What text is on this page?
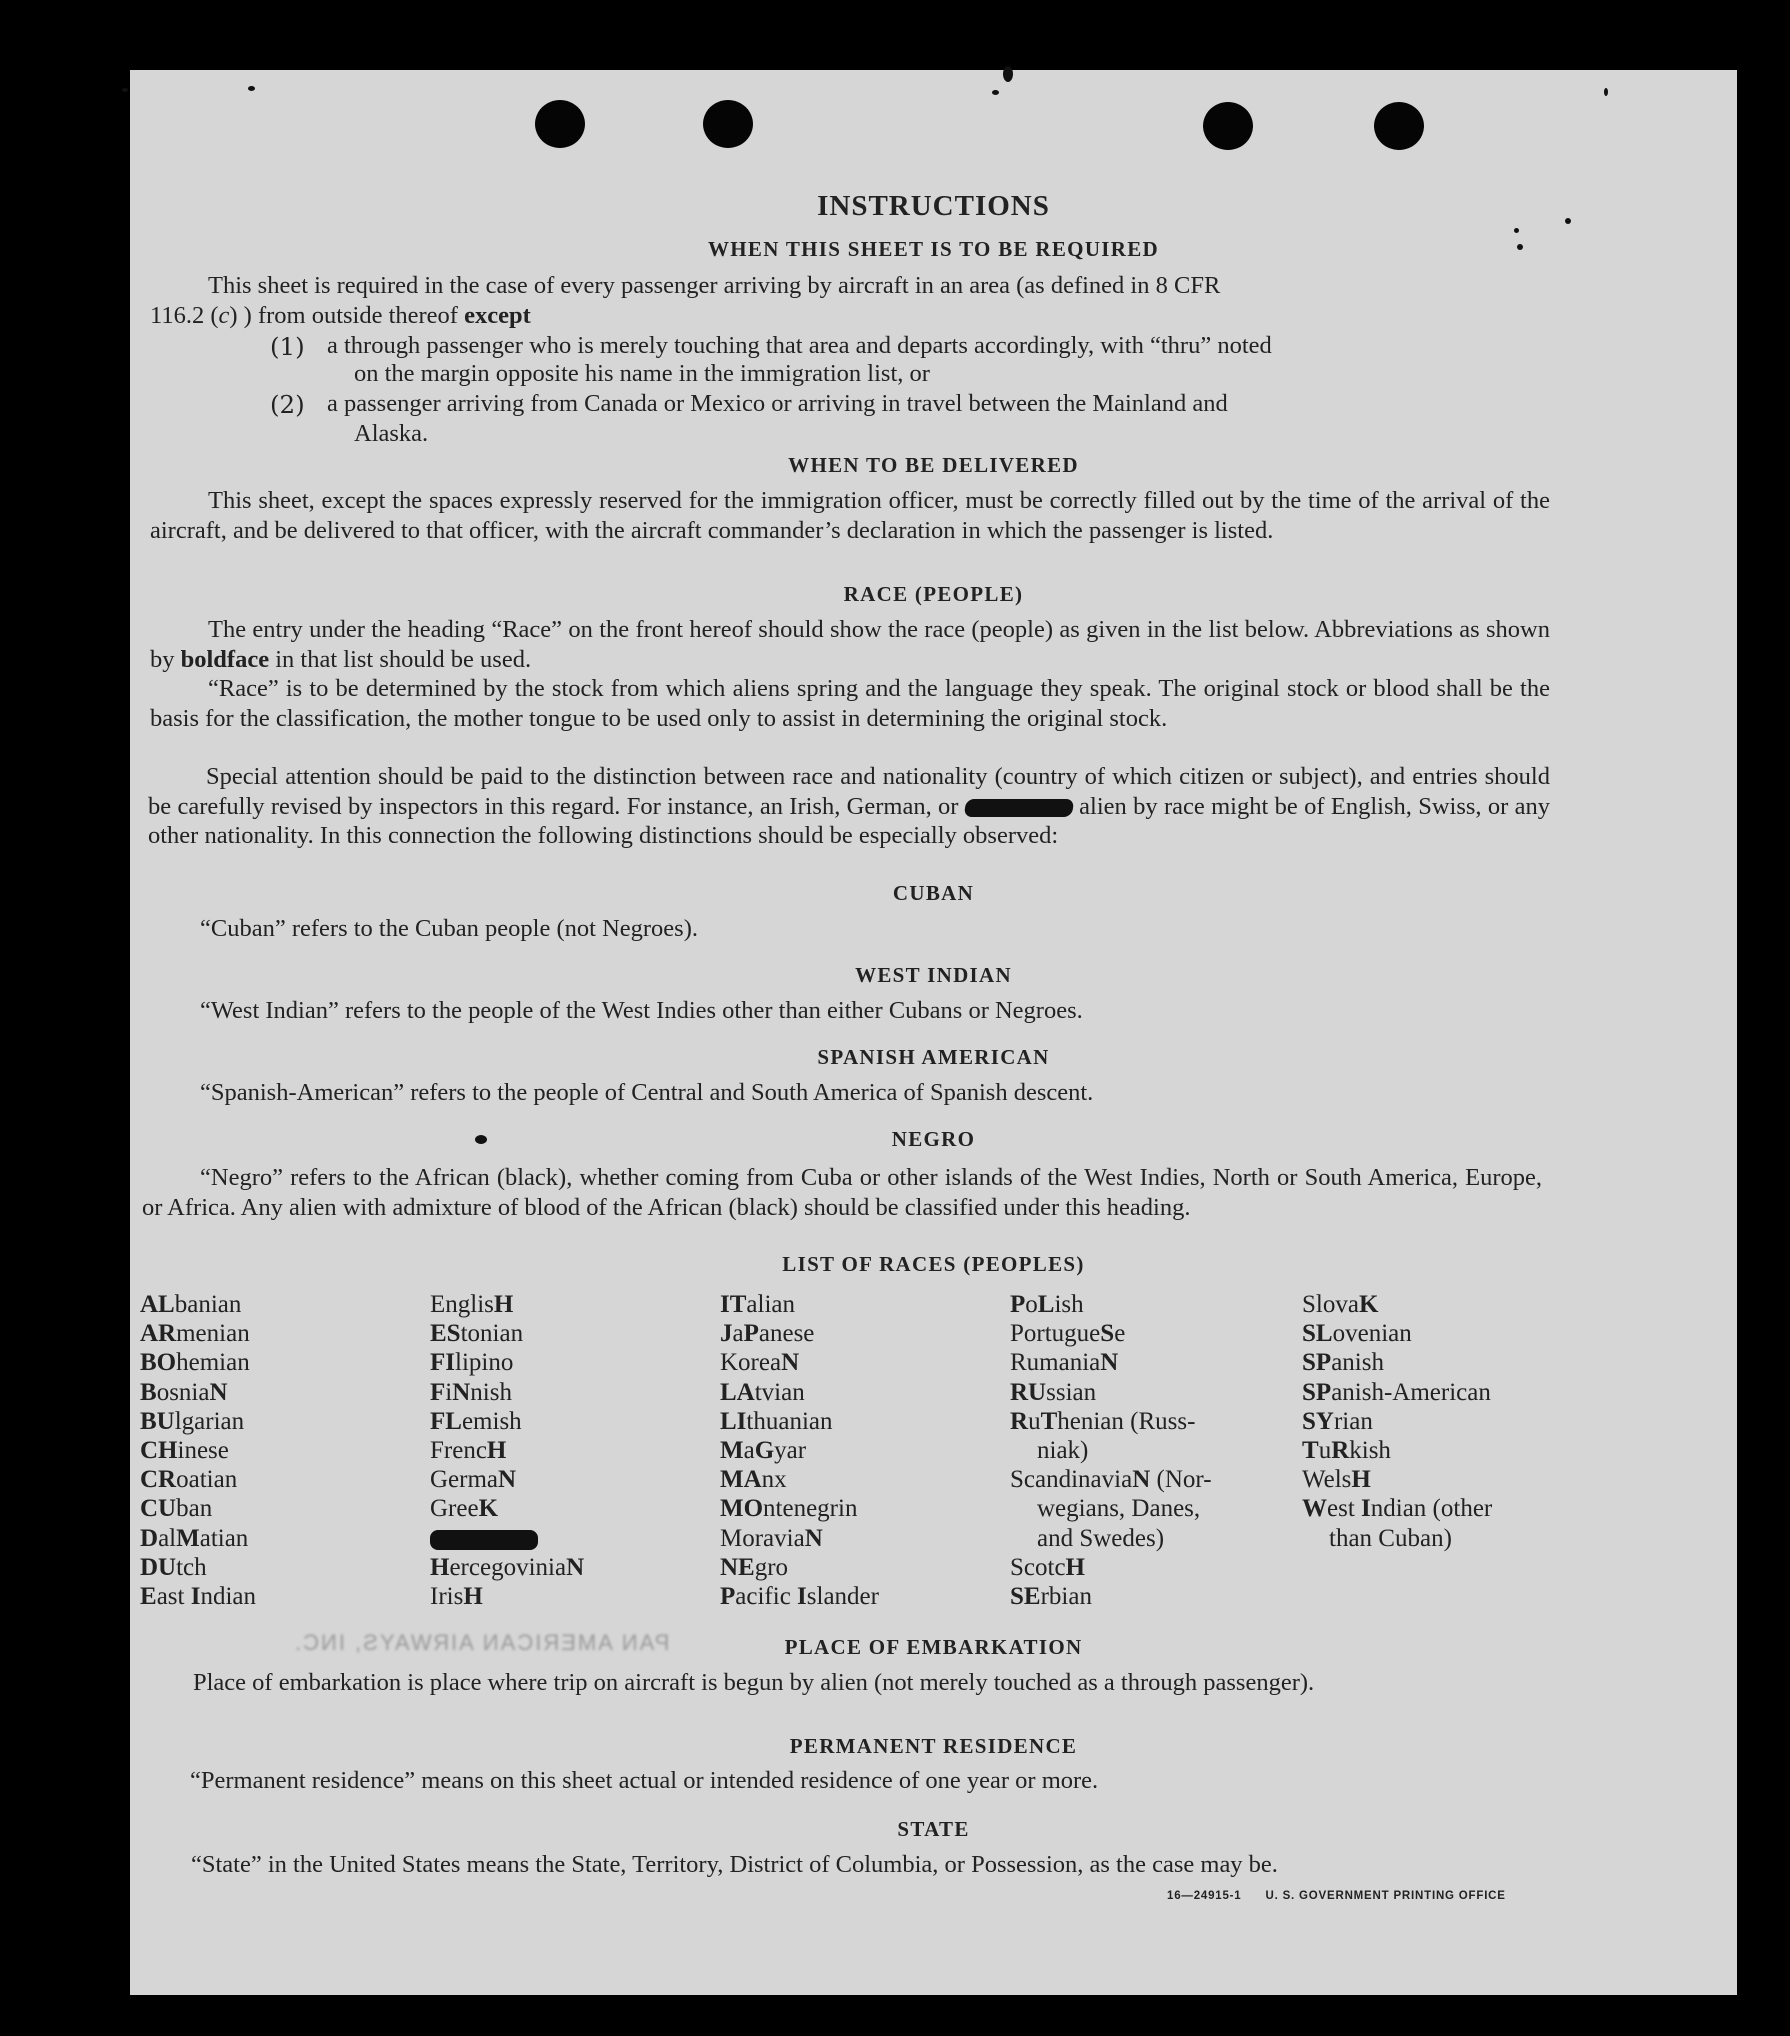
INSTRUCTIONS
WHEN THIS SHEET IS TO BE REQUIRED
This sheet is required in the case of every passenger arriving by aircraft in an area (as defined in 8 CFR
116.2 (c) ) from outside thereof except
(1) a through passenger who is merely touching that area and departs accordingly, with “thru” noted
on the margin opposite his name in the immigration list, or
(2) a passenger arriving from Canada or Mexico or arriving in travel between the Mainland and
Alaska.
WHEN TO BE DELIVERED
This sheet, except the spaces expressly reserved for the immigration officer, must be correctly filled out by the time of the arrival of the aircraft, and be delivered to that officer, with the aircraft commander’s declaration in which the passenger is listed.
RACE (PEOPLE)
The entry under the heading “Race” on the front hereof should show the race (people) as given in the list below. Abbreviations as shown by boldface in that list should be used.
“Race” is to be determined by the stock from which aliens spring and the language they speak. The original stock or blood shall be the basis for the classification, the mother tongue to be used only to assist in determining the original stock.
Special attention should be paid to the distinction between race and nationality (country of which citizen or subject), and entries should be carefully revised by inspectors in this regard. For instance, an Irish, German, or	alien by race might be of English, Swiss, or any other nationality. In this connection the following distinctions should be especially observed:
CUBAN
“Cuban” refers to the Cuban people (not Negroes).
WEST INDIAN
“West Indian” refers to the people of the West Indies other than either Cubans or Negroes.
SPANISH AMERICAN
“Spanish-American” refers to the people of Central and South America of Spanish descent.
NEGRO
“Negro” refers to the African (black), whether coming from Cuba or other islands of the West Indies, North or South America, Europe, or Africa. Any alien with admixture of blood of the African (black) should be classified under this heading.
LIST OF RACES (PEOPLES)
ALbanian
ARmenian
BOhemian
BosniaN
BUlgarian
CHinese
CRoatian
CUban
DalMatian
DUtch
East Indian
EnglisH
EStonian
FIlipino
FiNnish
FLemish
FrencH
GermaN
GreeK
HercegoviniaN
IrisH
ITalian
JaPanese
KoreaN
LAtvian
LIthuanian
MaGyar
MAnx
MOntenegrin
MoraviaN
NEgro
Pacific Islander
PoLish
PortugueSe
RumaniaN
RUssian
RuThenian (Russ-
niak)
ScandinaviaN (Nor-
wegians, Danes,
and Swedes)
ScotcH
SErbian
SlovaK
SLovenian
SPanish
SPanish-American
SYrian
TuRkish
WelsH
West Indian (other
than Cuban)
PAN AMERICAN AIRWAYS, INC.	PLACE OF EMBARKATION
Place of embarkation is place where trip on aircraft is begun by alien (not merely touched as a through passenger).
PERMANENT RESIDENCE
“Permanent residence” means on this sheet actual or intended residence of one year or more.
STATE
“State” in the United States means the State, Territory, District of Columbia, or Possession, as the case may be.
16—24915-1 U. S. GOVERNMENT PRINTING OFFICE
